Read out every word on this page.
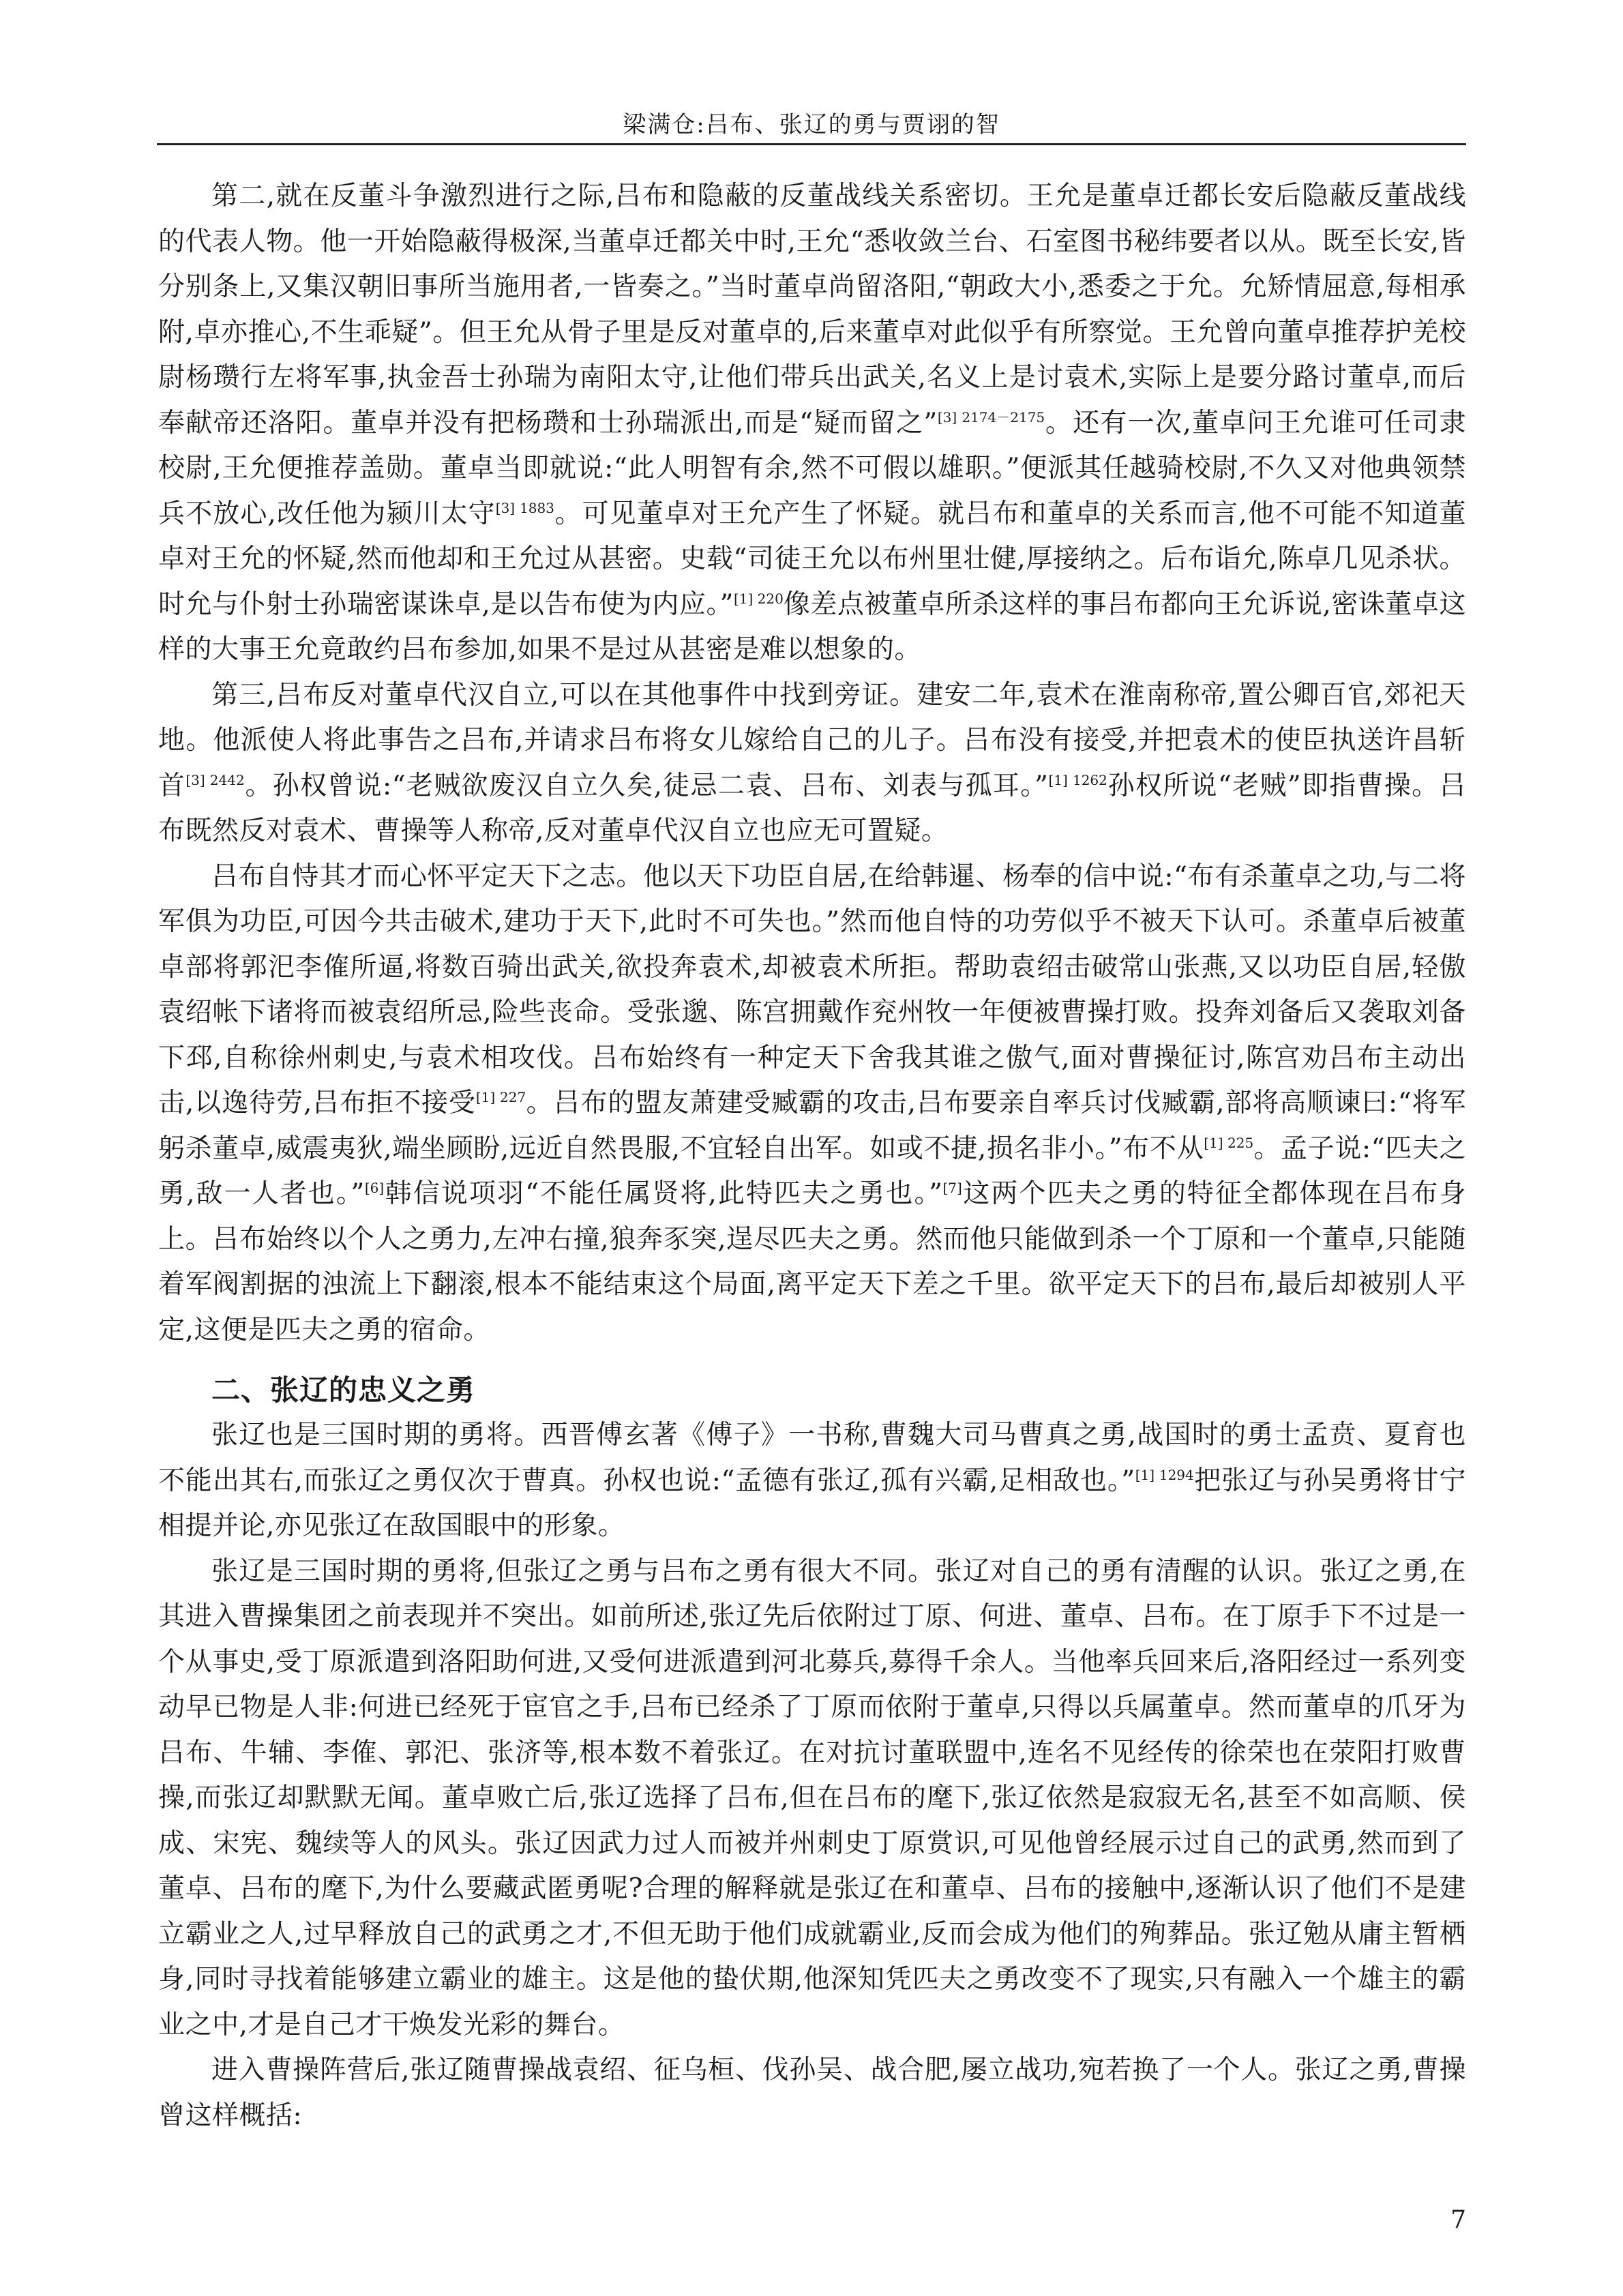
梁满仓:吕布、张辽的勇与贾诩的智

第二,就在反董斗争激烈进行之际,吕布和隐蔽的反董战线关系密切。王允是董卓迁都长安后隐蔽反董战线的代表人物。他一开始隐蔽得极深,当董卓迁都关中时,王允“悉收敛兰台、石室图书秘纬要者以从。既至长安,皆分别条上,又集汉朝旧事所当施用者,一皆奏之。”当时董卓尚留洛阳,“朝政大小,悉委之于允。允矫情屈意,每相承附,卓亦推心,不生乖疑”。但王允从骨子里是反对董卓的,后来董卓对此似乎有所察觉。王允曾向董卓推荐护羌校尉杨瓒行左将军事,执金吾士孙瑞为南阳太守,让他们带兵出武关,名义上是讨袁术,实际上是要分路讨董卓,而后奉献帝还洛阳。董卓并没有把杨瓒和士孙瑞派出,而是“疑而留之”$^{[3] 2174-2175}$。还有一次,董卓问王允谁可任司隶校尉,王允便推荐盖勋。董卓当即就说:“此人明智有余,然不可假以雄职。”便派其任越骑校尉,不久又对他典领禁兵不放心,改任他为颍川太守$^{[3] 1883}$。可见董卓对王允产生了怀疑。就吕布和董卓的关系而言,他不可能不知道董卓对王允的怀疑,然而他却和王允过从甚密。史载“司徒王允以布州里壮健,厚接纳之。后布诣允,陈卓几见杀状。时允与仆射士孙瑞密谋诛卓,是以告布使为内应。”$^{[1] 220}$像差点被董卓所杀这样的事吕布都向王允诉说,密诛董卓这样的大事王允竟敢约吕布参加,如果不是过从甚密是难以想象的。

第三,吕布反对董卓代汉自立,可以在其他事件中找到旁证。建安二年,袁术在淮南称帝,置公卿百官,郊祀天地。他派使人将此事告之吕布,并请求吕布将女儿嫁给自己的儿子。吕布没有接受,并把袁术的使臣执送许昌斩首$^{[3] 2442}$。孙权曾说:“老贼欲废汉自立久矣,徒忌二袁、吕布、刘表与孤耳。”$^{[1] 1262}$孙权所说“老贼”即指曹操。吕布既然反对袁术、曹操等人称帝,反对董卓代汉自立也应无可置疑。

吕布自恃其才而心怀平定天下之志。他以天下功臣自居,在给韩暹、杨奉的信中说:“布有杀董卓之功,与二将军俱为功臣,可因今共击破术,建功于天下,此时不可失也。”然而他自恃的功劳似乎不被天下认可。杀董卓后被董卓部将郭汜李傕所逼,将数百骑出武关,欲投奔袁术,却被袁术所拒。帮助袁绍击破常山张燕,又以功臣自居,轻傲袁绍帐下诸将而被袁绍所忌,险些丧命。受张邈、陈宫拥戴作兖州牧一年便被曹操打败。投奔刘备后又袭取刘备下邳,自称徐州刺史,与袁术相攻伐。吕布始终有一种定天下舍我其谁之傲气,面对曹操征讨,陈宫劝吕布主动出击,以逸待劳,吕布拒不接受$^{[1] 227}$。吕布的盟友萧建受臧霸的攻击,吕布要亲自率兵讨伐臧霸,部将高顺谏曰:“将军躬杀董卓,威震夷狄,端坐顾盼,远近自然畏服,不宜轻自出军。如或不捷,损名非小。”布不从$^{[1] 225}$。孟子说:“匹夫之勇,敌一人者也。”[6]韩信说项羽“不能任属贤将,此特匹夫之勇也。”[7]这两个匹夫之勇的特征全都体现在吕布身上。吕布始终以个人之勇力,左冲右撞,狼奔豕突,逞尽匹夫之勇。然而他只能做到杀一个丁原和一个董卓,只能随着军阀割据的浊流上下翻滚,根本不能结束这个局面,离平定天下差之千里。欲平定天下的吕布,最后却被别人平定,这便是匹夫之勇的宿命。

二、张辽的忠义之勇

张辽也是三国时期的勇将。西晋傅玄著《傅子》一书称,曹魏大司马曹真之勇,战国时的勇士孟贲、夏育也不能出其右,而张辽之勇仅次于曹真。孙权也说:“孟德有张辽,孤有兴霸,足相敌也。”$^{[1] 1294}$把张辽与孙吴勇将甘宁相提并论,亦见张辽在敌国眼中的形象。

张辽是三国时期的勇将,但张辽之勇与吕布之勇有很大不同。张辽对自己的勇有清醒的认识。张辽之勇,在其进入曹操集团之前表现并不突出。如前所述,张辽先后依附过丁原、何进、董卓、吕布。在丁原手下不过是一个从事史,受丁原派遣到洛阳助何进,又受何进派遣到河北募兵,募得千余人。当他率兵回来后,洛阳经过一系列变动早已物是人非:何进已经死于宦官之手,吕布已经杀了丁原而依附于董卓,只得以兵属董卓。然而董卓的爪牙为吕布、牛辅、李傕、郭汜、张济等,根本数不着张辽。在对抗讨董联盟中,连名不见经传的徐荣也在荥阳打败曹操,而张辽却默默无闻。董卓败亡后,张辽选择了吕布,但在吕布的麾下,张辽依然是寂寂无名,甚至不如高顺、侯成、宋宪、魏续等人的风头。张辽因武力过人而被并州刺史丁原赏识,可见他曾经展示过自己的武勇,然而到了董卓、吕布的麾下,为什么要藏武匿勇呢?合理的解释就是张辽在和董卓、吕布的接触中,逐渐认识了他们不是建立霸业之人,过早释放自己的武勇之才,不但无助于他们成就霸业,反而会成为他们的殉葬品。张辽勉从庸主暂栖身,同时寻找着能够建立霸业的雄主。这是他的蛰伏期,他深知凭匹夫之勇改变不了现实,只有融入一个雄主的霸业之中,才是自己才干焕发光彩的舞台。

进入曹操阵营后,张辽随曹操战袁绍、征乌桓、伐孙吴、战合肥,屡立战功,宛若换了一个人。张辽之勇,曹操曾这样概括:

7
